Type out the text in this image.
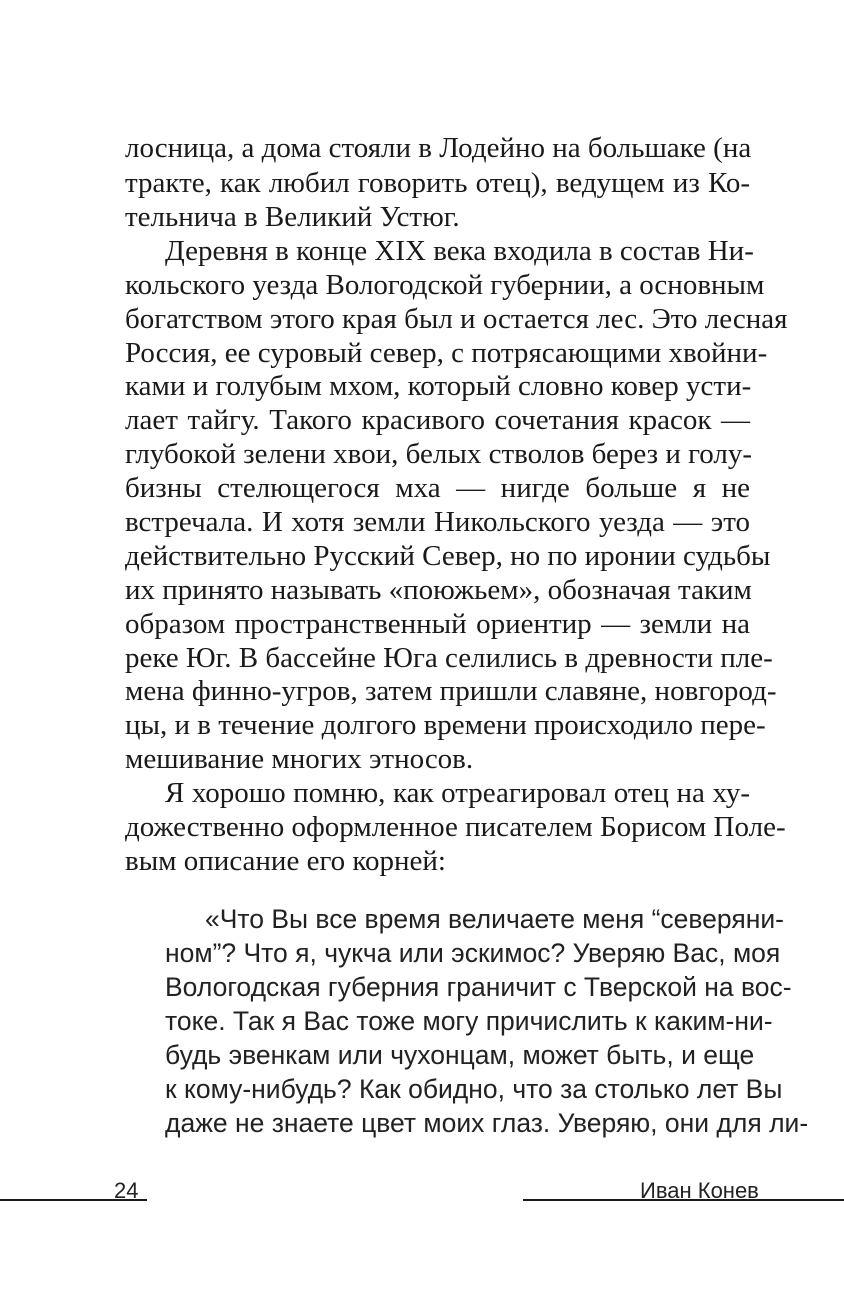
лосница, а дома стояли в Лодейно на большаке (на
тракте, как любил говорить отец), ведущем из Ко-
тельнича в Великий Устюг.
Деревня в конце XIX века входила в состав Ни-
кольского уезда Вологодской губернии, а основным
богатством этого края был и остается лес. Это лесная
Россия, ее суровый север, с потрясающими хвойни-
ками и голубым мхом, который словно ковер усти-
лает тайгу. Такого красивого сочетания красок —
глубокой зелени хвои, белых стволов берез и голу-
бизны стелющегося мха — нигде больше я не
встречала. И хотя земли Никольского уезда — это
действительно Русский Север, но по иронии судьбы
их принято называть «поюжьем», обозначая таким
образом пространственный ориентир — земли на
реке Юг. В бассейне Юга селились в древности пле-
мена финно-угров, затем пришли славяне, новгород-
цы, и в течение долгого времени происходило пере-
мешивание многих этносов.
Я хорошо помню, как отреагировал отец на ху-
дожественно оформленное писателем Борисом Поле-
вым описание его корней:
«Что Вы все время величаете меня “северяни-
ном”? Что я, чукча или эскимос? Уверяю Вас, моя
Вологодская губерния граничит с Тверской на вос-
токе. Так я Вас тоже могу причислить к каким-ни-
будь эвенкам или чухонцам, может быть, и еще
к кому-нибудь? Как обидно, что за столько лет Вы
даже не знаете цвет моих глаз. Уверяю, они для ли-
24	Иван Конев
